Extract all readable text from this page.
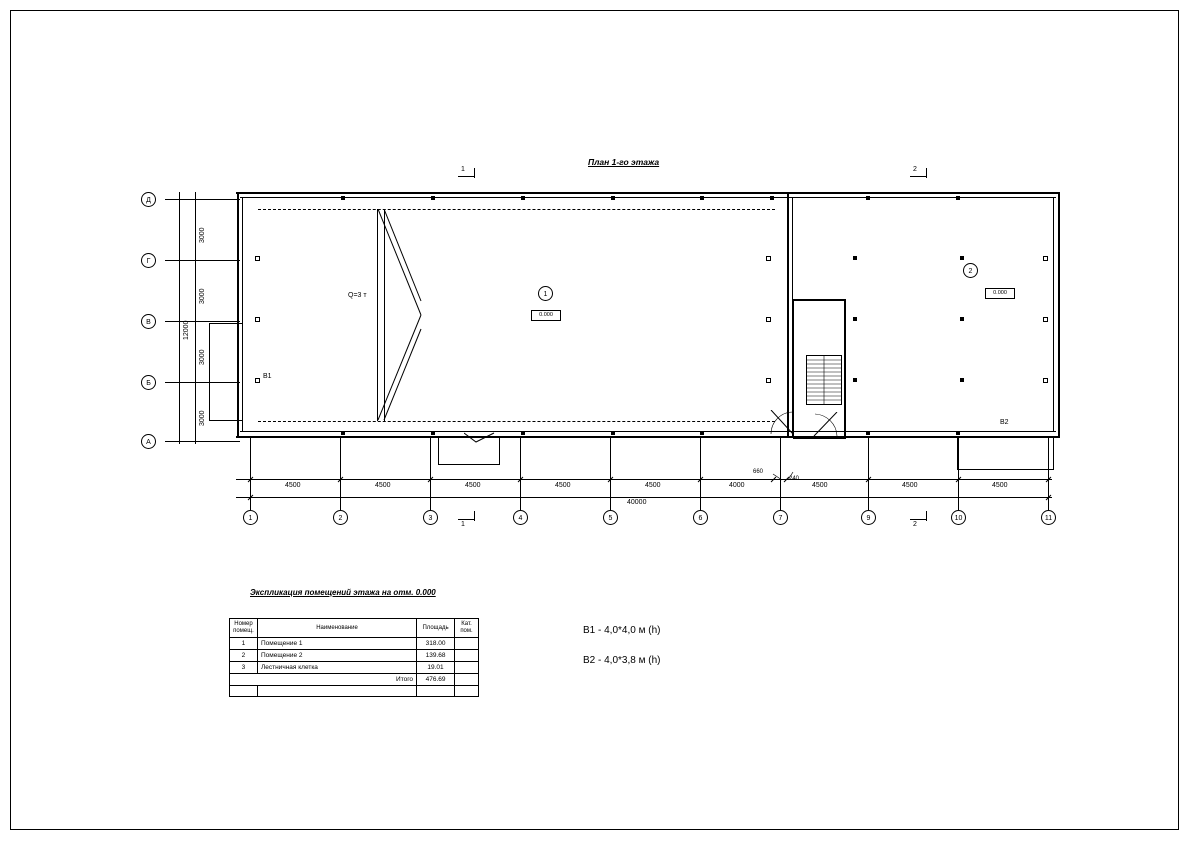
План 1-го этажа
1	2
1	2
Q=3 т	1
0.000
2
0.000
В1
В2
Д
Г
В
Б
А
3000
3000
3000
3000
12000
1	2	3	4	5	6	7	9	10	11
4500	4500	4500	4500	4500	4000
660
240
4500	4500	4500
40000
Экспликация помещений этажа на отм. 0.000
Номер помещ.	Наименование	Площадь	Кат. пом.
1	Помещение 1	318.00	
2	Помещение 2	139.68	
3	Лестничная клетка	19.01	
Итого		476.69	

В1 - 4,0*4,0 м (h)
В2 - 4,0*3,8 м (h)
